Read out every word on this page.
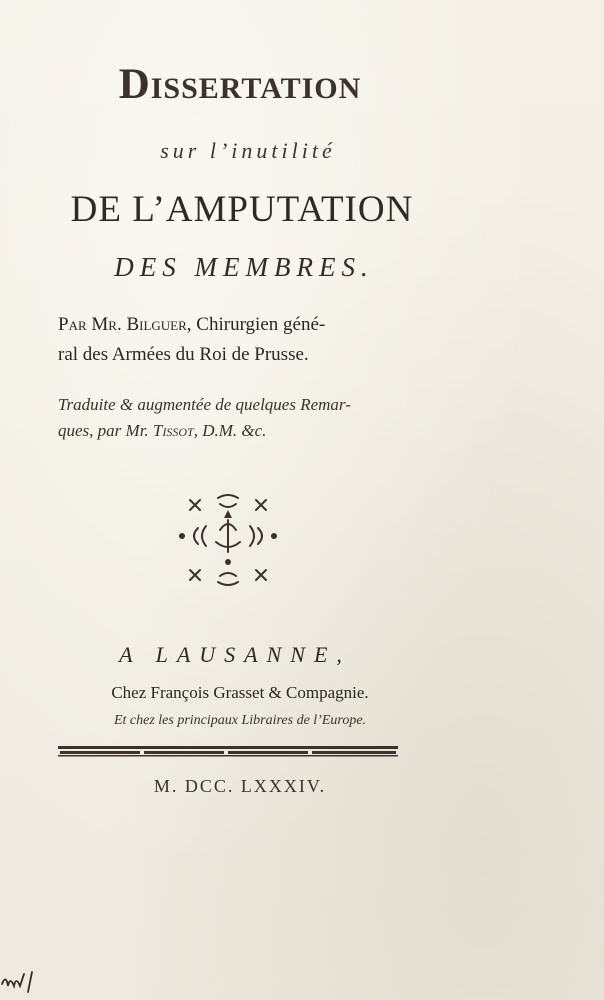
Dissertation
sur l’inutilité
DE L’AMPUTATION
DES MEMBRES.
Par Mr. Bilguer, Chirurgien géné-
ral des Armées du Roi de Prusse.
Traduite & augmentée de quelques Remar-
ques, par Mr. Tissot, D.M. &c.
A LAUSANNE,
Chez François Grasset & Compagnie.
Et chez les principaux Libraires de l’Europe.
M. DCC. LXXXIV.
